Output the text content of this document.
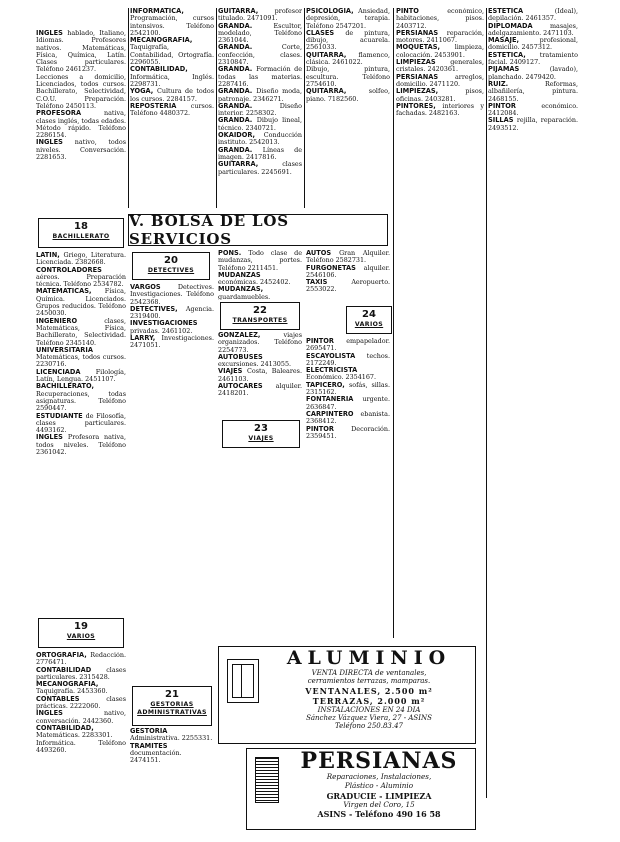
INGLES hablado, Italiano, Idiomas. Profesores nativos. Matemáticas, Física, Química, Latín. Clases particulares. Teléfono 2461237.

Lecciones a domicilio, Licenciados, todos cursos. Bachillerato, Selectividad, C.O.U. Preparación. Teléfono 2450113.

PROFESORA nativa, clases inglés, todas edades. Método rápido. Teléfono 2286154.

INGLES nativo, todos niveles. Conversación. 2281653.

18
BACHILLERATO

LATIN, Griego, Literatura. Licenciada. 2382668.

CONTROLADORES aéreos. Preparación técnica. Teléfono 2534782.

MATEMATICAS, Física, Química. Licenciados. Grupos reducidos. Teléfono 2450030.

INGENIERO clases, Matemáticas, Física, Bachillerato, Selectividad. Teléfono 2345140.

UNIVERSITARIA Matemáticas, todos cursos. 2230716.

LICENCIADA Filología, Latín, Lengua. 2451107.

BACHILLERATO, Recuperaciones, todas asignaturas. Teléfono 2590447.

ESTUDIANTE de Filosofía, clases particulares. 4493162.

INGLES Profesora nativa, todos niveles. Teléfono 2361042.

19
VARIOS

ORTOGRAFIA, Redacción. 2776471.

CONTABILIDAD clases particulares. 2315428.

MECANOGRAFIA, Taquigrafía. 2453360.

CONTABLES clases prácticas. 2222060.

INGLES nativo, conversación. 2442360.

CONTABILIDAD, Matemáticas. 2283301.

Informática. Teléfono 4493260.

INFORMATICA, Programación, cursos intensivos. Teléfono 2542100.

MECANOGRAFIA, Taquigrafía, Contabilidad, Ortografía. 2296055.

CONTABILIDAD, Informática, Inglés. 2298731.

YOGA, Cultura de todos los cursos. 2284157.

REPOSTERIA cursos. Teléfono 4480372.

GUITARRA, profesor titulado. 2471091.

GRANDA. Escultor, modelado, Teléfono 2361044.

GRANDA. Corte, confección, clases. 2310847.

GRANDA. Formación de todas las materias. 2287416.

GRANDA. Diseño moda, patronaje. 2346271.

GRANDA. Diseño interior. 2258302.

GRANDA. Dibujo lineal, técnico. 2340721.

OKAIDOR, Conducción instituto. 2542013.

GRANDA. Líneas de imagen. 2417816.

GUITARRA, clases particulares. 2245691.

PSICOLOGIA, Ansiedad, depresión, terapia. Teléfono 2547201.

CLASES de pintura, dibujo, acuarela. 2561033.

QUITARRA, flamenco, clásica. 2461022.

Dibujo, pintura, escultura. Teléfono 2754610.

QUITARRA, solfeo, piano. 7182560.

PINTO económico, habitaciones, pisos. 2403712.

PERSIANAS reparación, motores. 2411067.

MOQUETAS, limpieza, colocación. 2453901.

LIMPIEZAS generales, cristales. 2420361.

PERSIANAS arreglos, domicilio. 2471120.

LIMPIEZAS, pisos, oficinas. 2403281.

PINTORES, interiores y fachadas. 2482163.

ESTETICA (Ideal), depilación. 2461357.

DIPLOMADA masajes, adelgazamiento. 2471103.

MASAJE, profesional, domicilio. 2457312.

ESTETICA, tratamiento facial. 2409127.

PIJAMAS (lavado), planchado. 2479420.

RUIZ. Reformas, albañilería, pintura. 2468155.

PINTOR económico. 2412084.

SILLAS rejilla, reparación. 2493512.

V. BOLSA DE LOS SERVICIOS
20
DETECTIVES

VARGOS Detectives. Investigaciones. Teléfono 2542368.

DETECTIVES, Agencia. 2319400.

INVESTIGACIONES privadas. 2461102.

LARRY, Investigaciones. 2471051.

21
GESTORIAS ADMINISTRATIVAS

GESTORIA Administrativa. 2255331.

TRAMITES documentación. 2474151.

PONS. Todo clase de mudanzas, portes. Teléfono 2211451.

MUDANZAS económicas. 2452402.

MUDANZAS, guardamuebles.

22
TRANSPORTES

GONZALEZ, viajes organizados. Teléfono 2254773.

AUTOBUSES excursiones. 2413055.

VIAJES Costa, Baleares. 2461103.

AUTOCARES alquiler. 2418201.

23
VIAJES

AUTOS Gran Alquiler. Teléfono 2582731.

FURGONETAS alquiler. 2546106.

TAXIS Aeropuerto. 2553022.

24
VARIOS

PINTOR empapelador. 2695471.

ESCAYOLISTA techos. 2172249.

ELECTRICISTA Económico. 2354167.

TAPICERO, sofás, sillas. 2315162.

FONTANERIA urgente. 2636847.

CARPINTERO ebanista. 2368412.

PINTOR Decoración. 2359451.

ALUMINIO
VENTA DIRECTA de ventanales,
cerramientos terrazas, mamparas.
VENTANALES, 2.500 m²
TERRAZAS, 2.000 m²
INSTALACIONES EN 24 DIA
Sánchez Vázquez Viera, 27 - ASINS
Teléfono 250.83.47
PERSIANAS
Reparaciones, Instalaciones,
Plástico - Aluminio
GRADUCIE - LIMPIEZA
Virgen del Coro, 15
ASINS - Teléfono 490 16 58
